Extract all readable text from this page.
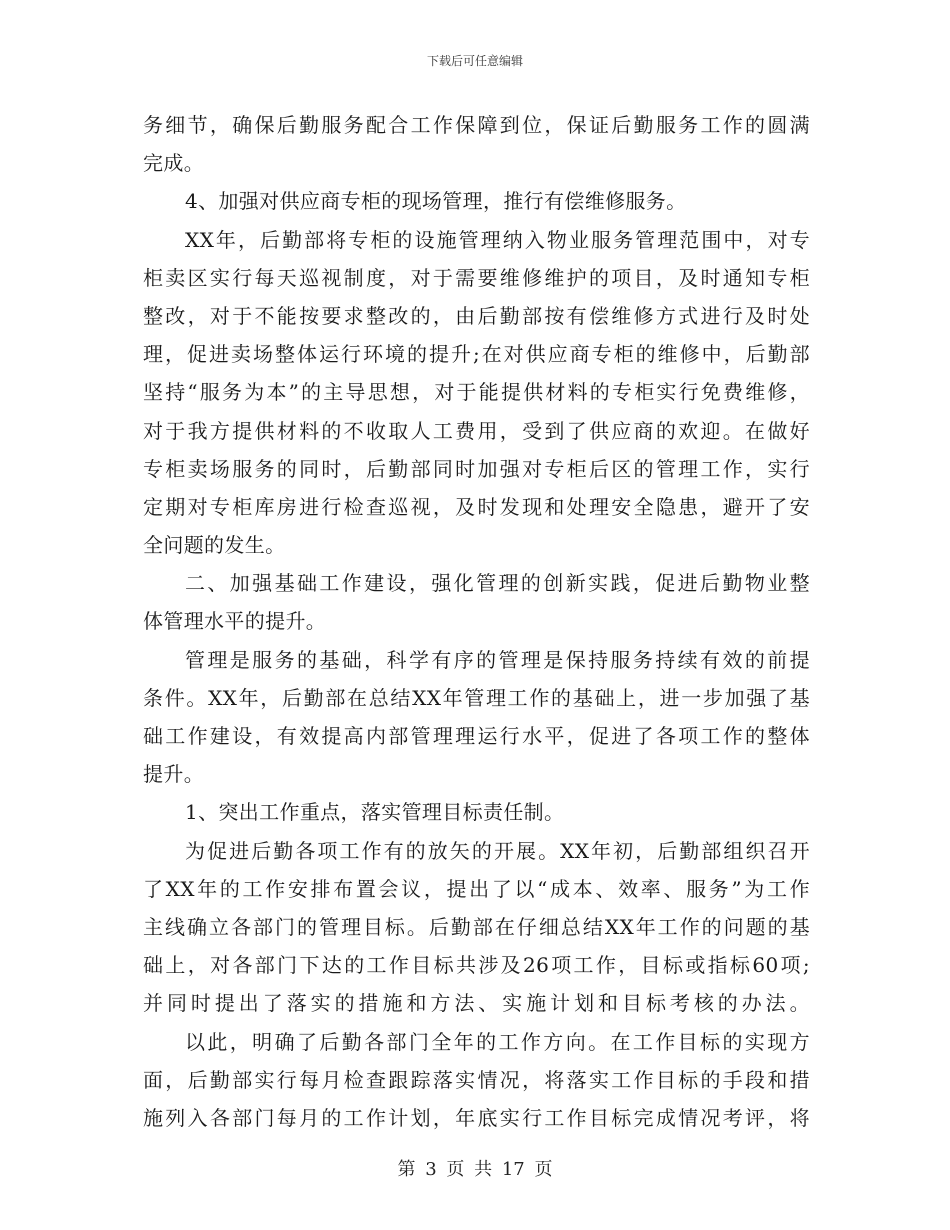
下载后可任意编辑
务细节，确保后勤服务配合工作保障到位，保证后勤服务工作的圆满
完成。
4、加强对供应商专柜的现场管理，推行有偿维修服务。
XX年，后勤部将专柜的设施管理纳入物业服务管理范围中，对专
柜卖区实行每天巡视制度，对于需要维修维护的项目，及时通知专柜
整改，对于不能按要求整改的，由后勤部按有偿维修方式进行及时处
理，促进卖场整体运行环境的提升;在对供应商专柜的维修中，后勤部
坚持“服务为本”的主导思想，对于能提供材料的专柜实行免费维修，
对于我方提供材料的不收取人工费用，受到了供应商的欢迎。在做好
专柜卖场服务的同时，后勤部同时加强对专柜后区的管理工作，实行
定期对专柜库房进行检查巡视，及时发现和处理安全隐患，避开了安
全问题的发生。
二、加强基础工作建设，强化管理的创新实践，促进后勤物业整
体管理水平的提升。
管理是服务的基础，科学有序的管理是保持服务持续有效的前提
条件。XX年，后勤部在总结XX年管理工作的基础上，进一步加强了基
础工作建设，有效提高内部管理理运行水平，促进了各项工作的整体
提升。
1、突出工作重点，落实管理目标责任制。
为促进后勤各项工作有的放矢的开展。XX年初，后勤部组织召开
了XX年的工作安排布置会议，提出了以“成本、效率、服务”为工作
主线确立各部门的管理目标。后勤部在仔细总结XX年工作的问题的基
础上，对各部门下达的工作目标共涉及26项工作，目标或指标60项;
并同时提出了落实的措施和方法、实施计划和目标考核的办法。
以此，明确了后勤各部门全年的工作方向。在工作目标的实现方
面，后勤部实行每月检查跟踪落实情况，将落实工作目标的手段和措
施列入各部门每月的工作计划，年底实行工作目标完成情况考评，将
第 3 页 共 17 页
